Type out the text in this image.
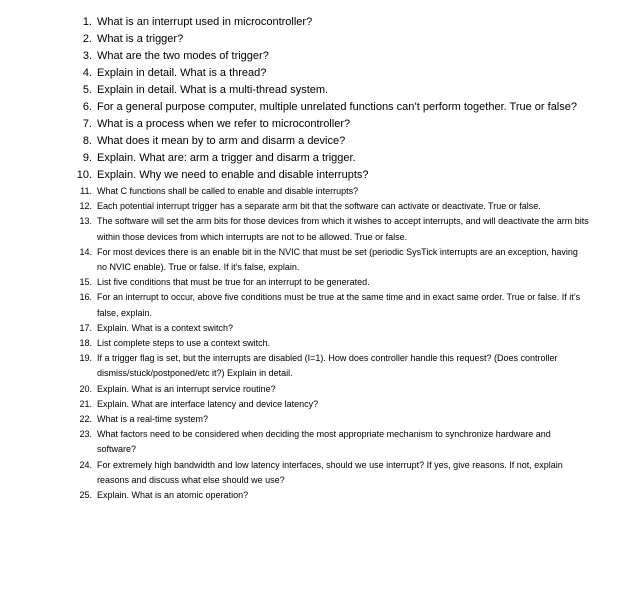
1. What is an interrupt used in microcontroller?
2. What is a trigger?
3. What are the two modes of trigger?
4. Explain in detail. What is a thread?
5. Explain in detail. What is a multi-thread system.
6. For a general purpose computer, multiple unrelated functions can’t perform together. True or false?
7. What is a process when we refer to microcontroller?
8. What does it mean by to arm and disarm a device?
9. Explain. What are: arm a trigger and disarm a trigger.
10. Explain. Why we need to enable and disable interrupts?
11. What C functions shall be called to enable and disable interrupts?
12. Each potential interrupt trigger has a separate arm bit that the software can activate or deactivate. True or false.
13. The software will set the arm bits for those devices from which it wishes to accept interrupts, and will deactivate the arm bits within those devices from which interrupts are not to be allowed. True or false.
14. For most devices there is an enable bit in the NVIC that must be set (periodic SysTick interrupts are an exception, having no NVIC enable). True or false. If it’s false, explain.
15. List five conditions that must be true for an interrupt to be generated.
16. For an interrupt to occur, above five conditions must be true at the same time and in exact same order. True or false. If it’s false, explain.
17. Explain. What is a context switch?
18. List complete steps to use a context switch.
19. If a trigger flag is set, but the interrupts are disabled (I=1). How does controller handle this request? (Does controller dismiss/stuck/postponed/etc it?) Explain in detail.
20. Explain. What is an interrupt service routine?
21. Explain. What are interface latency and device latency?
22. What is a real-time system?
23. What factors need to be considered when deciding the most appropriate mechanism to synchronize hardware and software?
24. For extremely high bandwidth and low latency interfaces, should we use interrupt? If yes, give reasons. If not, explain reasons and discuss what else should we use?
25. Explain. What is an atomic operation?
